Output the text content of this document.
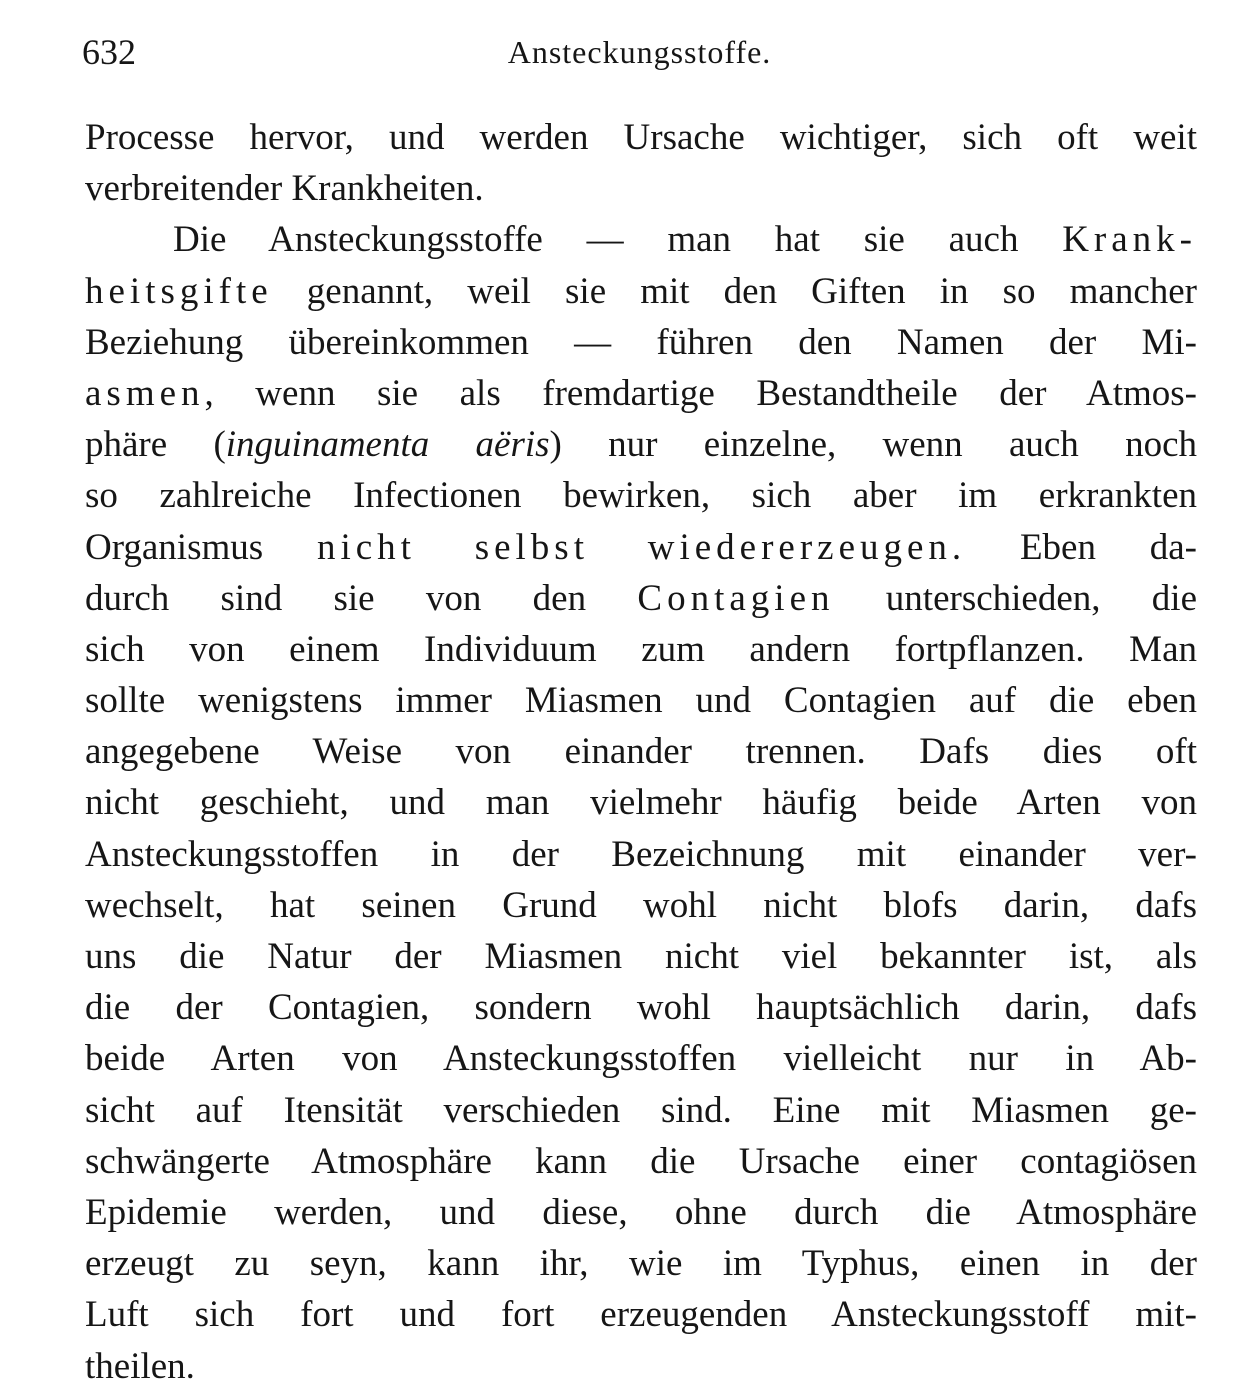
632	Ansteckungsstoffe.
Processe hervor, und werden Ursache wichtiger, sich oft weit
verbreitender Krankheiten.
Die Ansteckungsstoffe — man hat sie auch Krank-
heitsgifte genannt, weil sie mit den Giften in so mancher
Beziehung übereinkommen — führen den Namen der Mi-
asmen, wenn sie als fremdartige Bestandtheile der Atmos-
phäre (inguinamenta aëris) nur einzelne, wenn auch noch
so zahlreiche Infectionen bewirken, sich aber im erkrankten
Organismus nicht selbst wiedererzeugen. Eben da-
durch sind sie von den Contagien unterschieden, die
sich von einem Individuum zum andern fortpflanzen. Man
sollte wenigstens immer Miasmen und Contagien auf die eben
angegebene Weise von einander trennen. Dafs dies oft
nicht geschieht, und man vielmehr häufig beide Arten von
Ansteckungsstoffen in der Bezeichnung mit einander ver-
wechselt, hat seinen Grund wohl nicht blofs darin, dafs
uns die Natur der Miasmen nicht viel bekannter ist, als
die der Contagien, sondern wohl hauptsächlich darin, dafs
beide Arten von Ansteckungsstoffen vielleicht nur in Ab-
sicht auf Itensität verschieden sind. Eine mit Miasmen ge-
schwängerte Atmosphäre kann die Ursache einer contagiösen
Epidemie werden, und diese, ohne durch die Atmosphäre
erzeugt zu seyn, kann ihr, wie im Typhus, einen in der
Luft sich fort und fort erzeugenden Ansteckungsstoff mit-
theilen.
